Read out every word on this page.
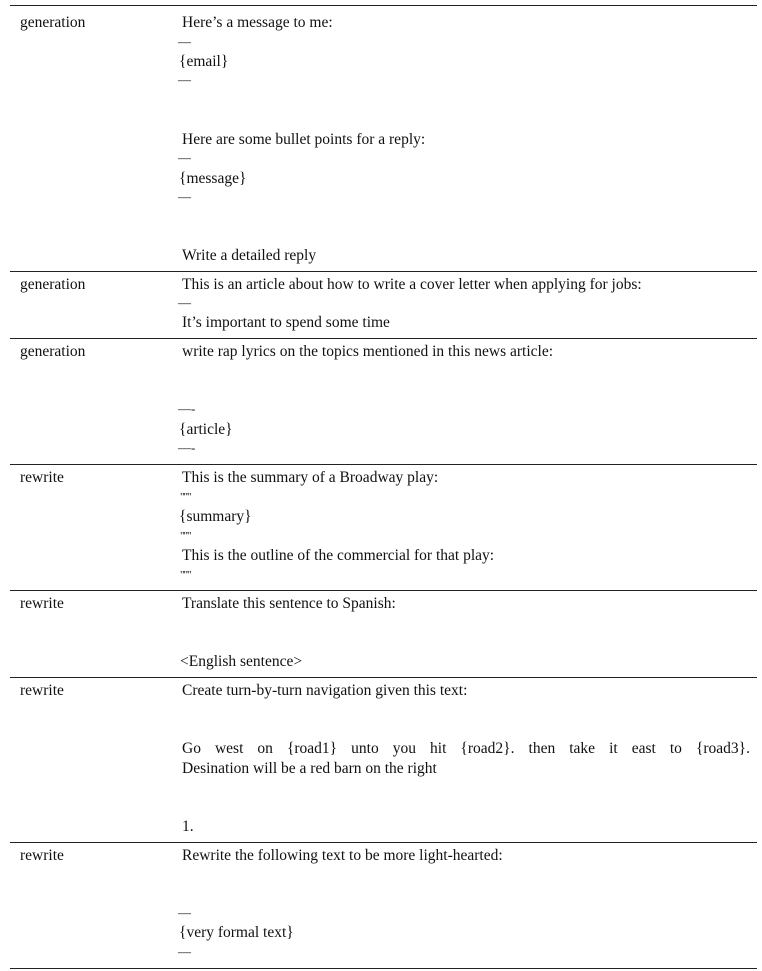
generation	Here’s a message to me:
—
{email}
—
Here are some bullet points for a reply:
—
{message}
—
Write a detailed reply
generation	This is an article about how to write a cover letter when applying for jobs:
—
It’s important to spend some time
generation	write rap lyrics on the topics mentioned in this news article:
—-
{article}
—-
rewrite	This is the summary of a Broadway play:
"""
{summary}
"""
This is the outline of the commercial for that play:
"""
rewrite	Translate this sentence to Spanish:
<English sentence>
rewrite	Create turn-by-turn navigation given this text:
Go west on {road1} unto you hit {road2}. then take it east to {road3}.
Desination will be a red barn on the right
1.
rewrite	Rewrite the following text to be more light-hearted:
—
{very formal text}
—
